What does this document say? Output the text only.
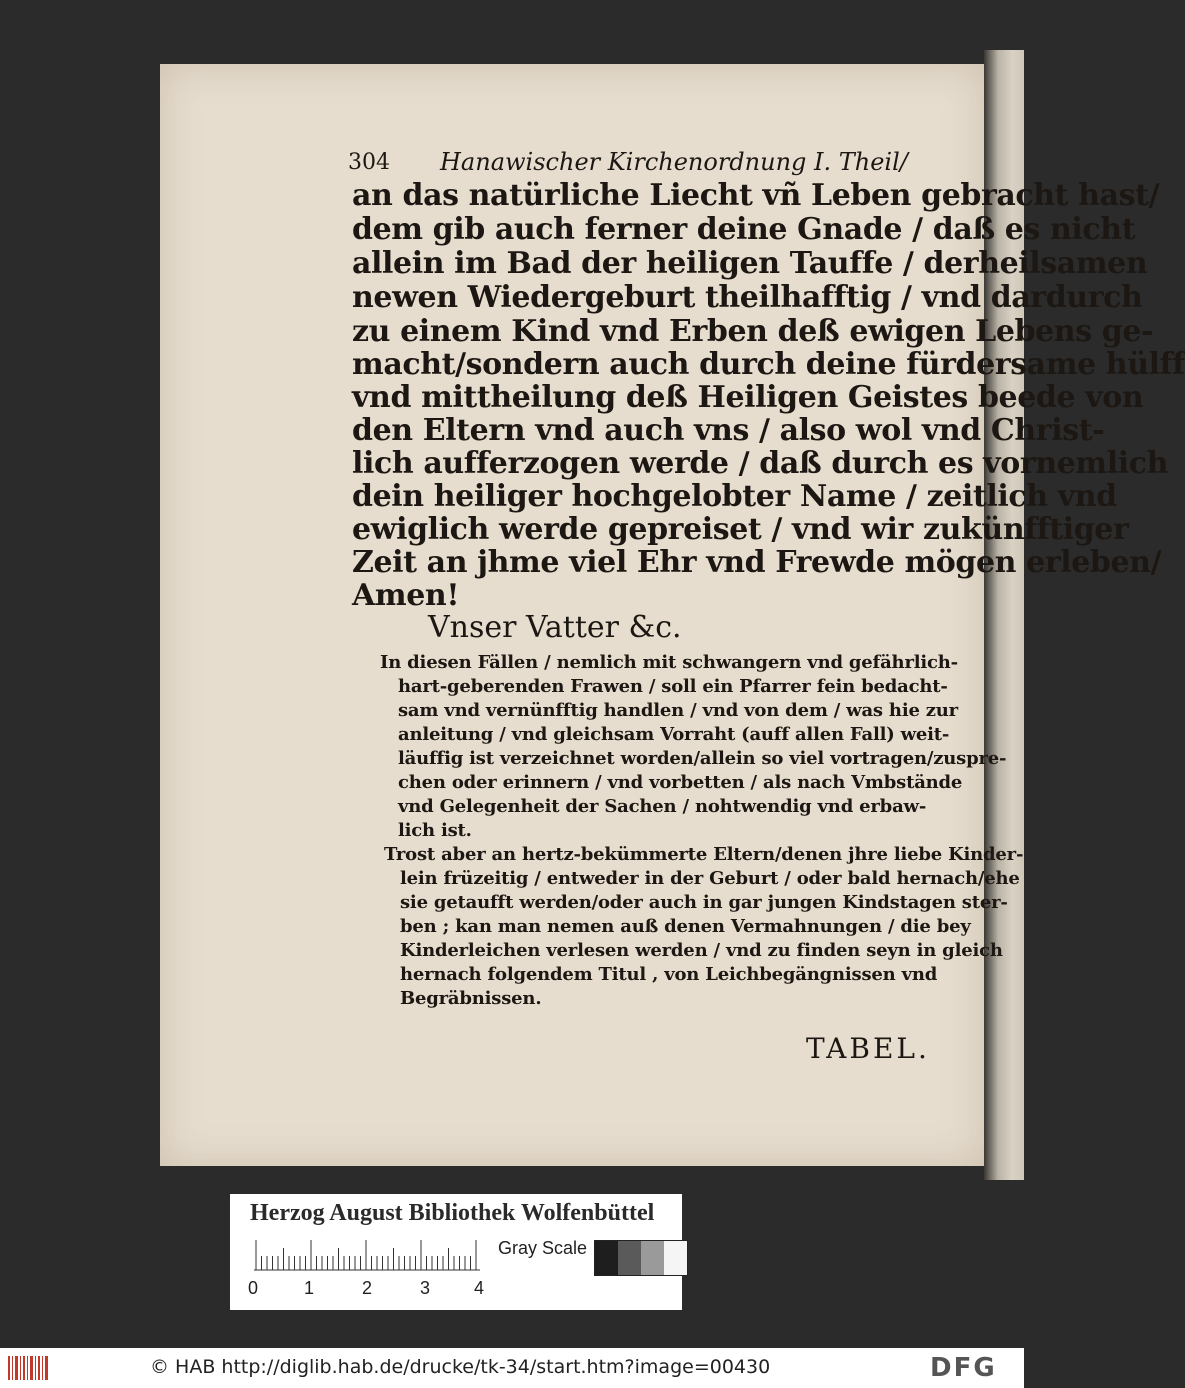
304 Hanawischer Kirchenordnung I. Theil/
an das natürliche Liecht vñ Leben gebracht hast/
dem gib auch ferner deine Gnade / daß es nicht
allein im Bad der heiligen Tauffe / derheilsamen
newen Wiedergeburt theilhafftig / vnd dardurch
zu einem Kind vnd Erben deß ewigen Lebens ge-
macht/sondern auch durch deine fürdersame hülff
vnd mittheilung deß Heiligen Geistes beede von
den Eltern vnd auch vns / also wol vnd Christ-
lich aufferzogen werde / daß durch es vornemlich
dein heiliger hochgelobter Name / zeitlich vnd
ewiglich werde gepreiset / vnd wir zukünfftiger
Zeit an jhme viel Ehr vnd Frewde mögen erleben/
Amen!
Vnser Vatter &c.
In diesen Fällen / nemlich mit schwangern vnd gefährlich-
hart-geberenden Frawen / soll ein Pfarrer fein bedacht-
sam vnd vernünfftig handlen / vnd von dem / was hie zur
anleitung / vnd gleichsam Vorraht (auff allen Fall) weit-
läuffig ist verzeichnet worden/allein so viel vortragen/zuspre-
chen oder erinnern / vnd vorbetten / als nach Vmbstände
vnd Gelegenheit der Sachen / nohtwendig vnd erbaw-
lich ist.
Trost aber an hertz-bekümmerte Eltern/denen jhre liebe Kinder-
lein früzeitig / entweder in der Geburt / oder bald hernach/ehe
sie getaufft werden/oder auch in gar jungen Kindstagen ster-
ben ; kan man nemen auß denen Vermahnungen / die bey
Kinderleichen verlesen werden / vnd zu finden seyn in gleich
hernach folgendem Titul , von Leichbegängnissen vnd
Begräbnissen.
TABEL.
Herzog August Bibliothek Wolfenbüttel
0	1	2	3 4
Gray Scale
© HAB http://diglib.hab.de/drucke/tk-34/start.htm?image=00430	DFG
